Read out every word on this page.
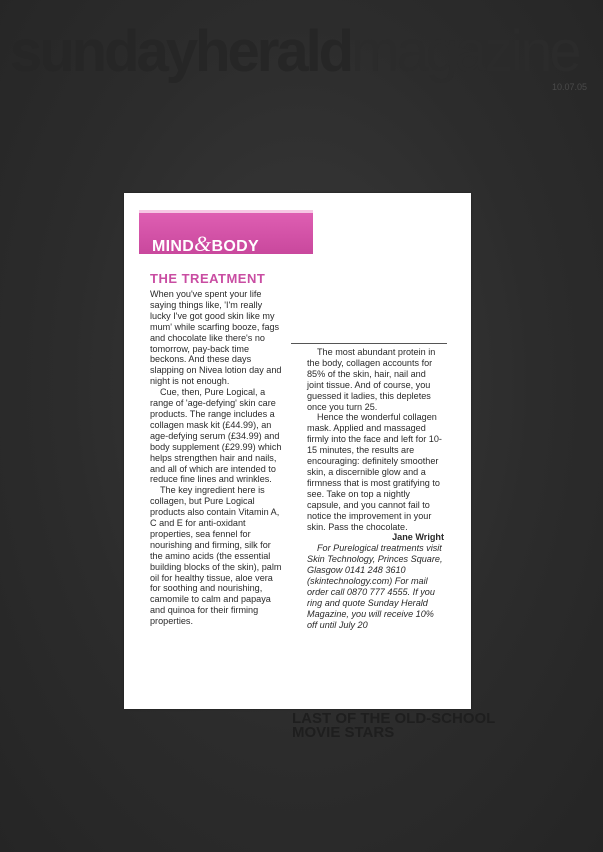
sundayheraldmagazine
10.07.05
LAST OF THE OLD-SCHOOL MOVIE STARS
MIND&BODY
THE TREATMENT

When you've spent your life saying things like, 'I'm really lucky I've got good skin like my mum' while scarfing booze, fags and chocolate like there's no tomorrow, pay-back time beckons. And these days slapping on Nivea lotion day and night is not enough.

Cue, then, Pure Logical, a range of 'age-defying' skin care products. The range includes a collagen mask kit (£44.99), an age-defying serum (£34.99) and body supplement (£29.99) which helps strengthen hair and nails, and all of which are intended to reduce fine lines and wrinkles.

The key ingredient here is collagen, but Pure Logical products also contain Vitamin A, C and E for anti-oxidant properties, sea fennel for nourishing and firming, silk for the amino acids (the essential building blocks of the skin), palm oil for healthy tissue, aloe vera for soothing and nourishing, camomile to calm and papaya and quinoa for their firming properties.

The most abundant protein in the body, collagen accounts for 85% of the skin, hair, nail and joint tissue. And of course, you guessed it ladies, this depletes once you turn 25.

Hence the wonderful collagen mask. Applied and massaged firmly into the face and left for 10-15 minutes, the results are encouraging: definitely smoother skin, a discernible glow and a firmness that is most gratifying to see. Take on top a nightly capsule, and you cannot fail to notice the improvement in your skin. Pass the chocolate.

Jane Wright

For Purelogical treatments visit Skin Technology, Princes Square, Glasgow 0141 248 3610 (skintechnology.com) For mail order call 0870 777 4555. If you ring and quote Sunday Herald Magazine, you will receive 10% off until July 20
